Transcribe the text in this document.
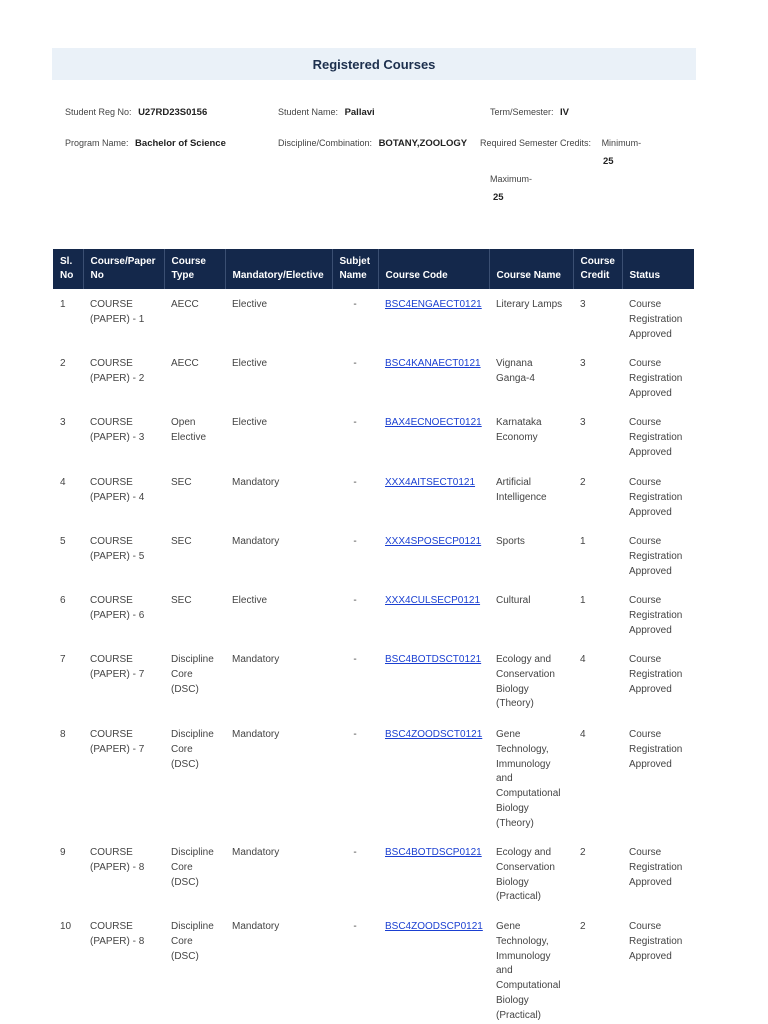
Registered Courses
Student Reg No: U27RD23S0156	Student Name: Pallavi	Term/Semester: IV
Program Name: Bachelor of Science	Discipline/Combination: BOTANY,ZOOLOGY Required Semester Credits: Minimum-
25
Maximum-
25
Sl. No	Course/Paper No	Course Type	Mandatory/Elective	Subjet Name	Course Code	Course Name	Course Credit	Status
1	COURSE (PAPER) - 1	AECC	Elective	-	BSC4ENGAECT0121	Literary Lamps	3	Course Registration Approved
2	COURSE (PAPER) - 2	AECC	Elective	-	BSC4KANAECT0121	Vignana Ganga-4	3	Course Registration Approved
3	COURSE (PAPER) - 3	Open Elective	Elective	-	BAX4ECNOECT0121	Karnataka Economy	3	Course Registration Approved
4	COURSE (PAPER) - 4	SEC	Mandatory	-	XXX4AITSECT0121	Artificial Intelligence	2	Course Registration Approved
5	COURSE (PAPER) - 5	SEC	Mandatory	-	XXX4SPOSECP0121	Sports	1	Course Registration Approved
6	COURSE (PAPER) - 6	SEC	Elective	-	XXX4CULSECP0121	Cultural	1	Course Registration Approved
7	COURSE (PAPER) - 7	Discipline Core (DSC)	Mandatory	-	BSC4BOTDSCT0121	Ecology and Conservation Biology (Theory)	4	Course Registration Approved
8	COURSE (PAPER) - 7	Discipline Core (DSC)	Mandatory	-	BSC4ZOODSCT0121	Gene Technology, Immunology and Computational Biology (Theory)	4	Course Registration Approved
9	COURSE (PAPER) - 8	Discipline Core (DSC)	Mandatory	-	BSC4BOTDSCP0121	Ecology and Conservation Biology (Practical)	2	Course Registration Approved
10	COURSE (PAPER) - 8	Discipline Core (DSC)	Mandatory	-	BSC4ZOODSCP0121	Gene Technology, Immunology and Computational Biology (Practical)	2	Course Registration Approved
